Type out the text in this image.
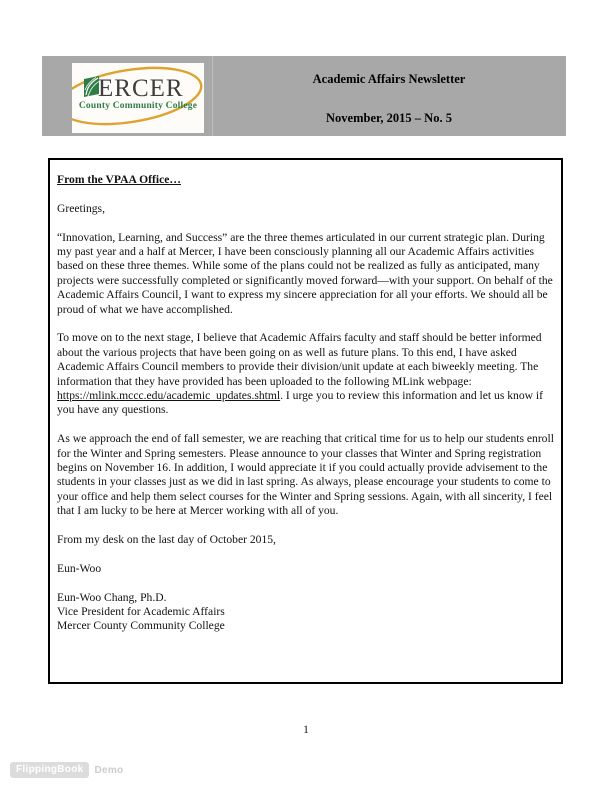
ERCER
County Community College
Academic Affairs Newsletter
November, 2015 – No. 5

From the VPAA Office…

Greetings,

“Innovation, Learning, and Success” are the three themes articulated in our current strategic plan. During my past year and a half at Mercer, I have been consciously planning all our Academic Affairs activities based on these three themes. While some of the plans could not be realized as fully as anticipated, many projects were successfully completed or significantly moved forward—with your support. On behalf of the Academic Affairs Council, I want to express my sincere appreciation for all your efforts. We should all be proud of what we have accomplished.

To move on to the next stage, I believe that Academic Affairs faculty and staff should be better informed about the various projects that have been going on as well as future plans. To this end, I have asked Academic Affairs Council members to provide their division/unit update at each biweekly meeting. The information that they have provided has been uploaded to the following MLink webpage: https://mlink.mccc.edu/academic_updates.shtml. I urge you to review this information and let us know if you have any questions.

As we approach the end of fall semester, we are reaching that critical time for us to help our students enroll for the Winter and Spring semesters. Please announce to your classes that Winter and Spring registration begins on November 16. In addition, I would appreciate it if you could actually provide advisement to the students in your classes just as we did in last spring. As always, please encourage your students to come to your office and help them select courses for the Winter and Spring sessions. Again, with all sincerity, I feel that I am lucky to be here at Mercer working with all of you.

From my desk on the last day of October 2015,

Eun-Woo

Eun-Woo Chang, Ph.D.
Vice President for Academic Affairs
Mercer County Community College
1
FlippingBook	Demo
